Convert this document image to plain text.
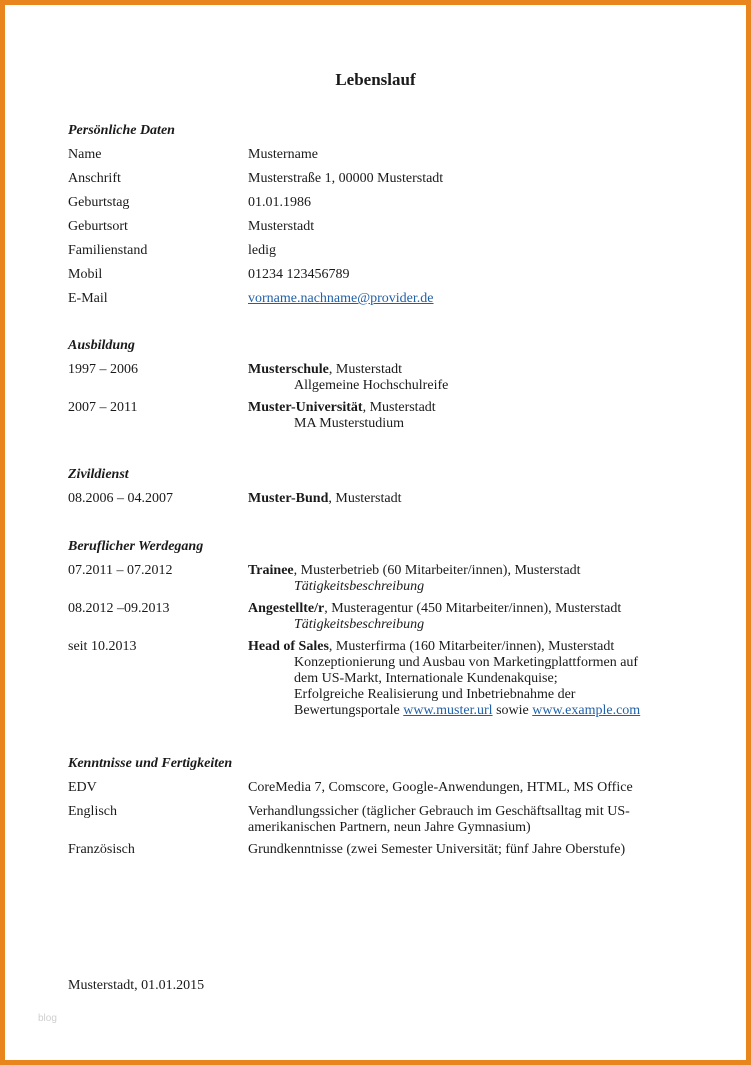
Lebenslauf
Persönliche Daten
Name	Mustername
Anschrift	Musterstraße 1, 00000 Musterstadt
Geburtstag	01.01.1986
Geburtsort	Musterstadt
Familienstand	ledig
Mobil	01234 123456789
E-Mail	vorname.nachname@provider.de
Ausbildung
1997 – 2006	Musterschule, Musterstadt
Allgemeine Hochschulreife
2007 – 2011	Muster-Universität, Musterstadt
MA Musterstudium
Zivildienst
08.2006 – 04.2007	Muster-Bund, Musterstadt
Beruflicher Werdegang
07.2011 – 07.2012	Trainee, Musterbetrieb (60 Mitarbeiter/innen), Musterstadt
Tätigkeitsbeschreibung
08.2012 –09.2013	Angestellte/r, Musteragentur (450 Mitarbeiter/innen), Musterstadt
Tätigkeitsbeschreibung
seit 10.2013	Head of Sales, Musterfirma (160 Mitarbeiter/innen), Musterstadt
Konzeptionierung und Ausbau von Marketingplattformen auf
dem US-Markt, Internationale Kundenakquise;
Erfolgreiche Realisierung und Inbetriebnahme der
Bewertungsportale www.muster.url sowie www.example.com
Kenntnisse und Fertigkeiten
EDV	CoreMedia 7, Comscore, Google-Anwendungen, HTML, MS Office
Englisch	Verhandlungssicher (täglicher Gebrauch im Geschäftsalltag mit US-
amerikanischen Partnern, neun Jahre Gymnasium)
Französisch	Grundkenntnisse (zwei Semester Universität; fünf Jahre Oberstufe)
Musterstadt, 01.01.2015
blog
